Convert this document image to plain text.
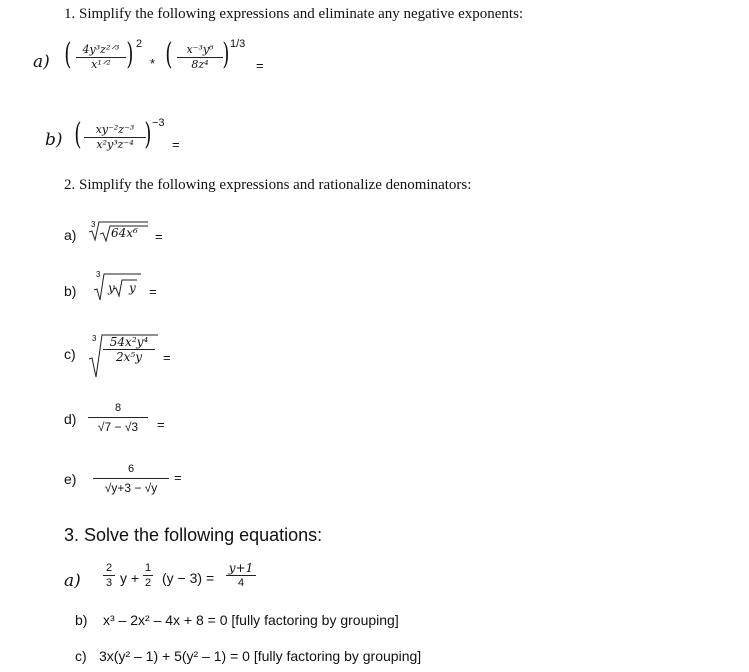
1. Simplify the following expressions and eliminate any negative exponents:
a) (	4y³z²ᐟ³
x¹ᐟ² ) 2
* (	x⁻³y⁶
8z⁴ ) 1/3
=
b) (	xy⁻²z⁻³
x²y³z⁻⁴ ) −3
=
2. Simplify the following expressions and rationalize denominators:
a)
3
64x⁶ =
b)
3
y y =
c)
3	54x²y⁴
2x⁵y	=
d)
8
√7 − √3	=
e)
6
√y+3 − √y
=
3. Solve the following equations:
a)
2
3 y +
1
2 (y − 3) =
y+1
4
b) x³ – 2x² – 4x + 8 = 0 [fully factoring by grouping]
c) 3x(y² – 1) + 5(y² – 1) = 0 [fully factoring by grouping]
